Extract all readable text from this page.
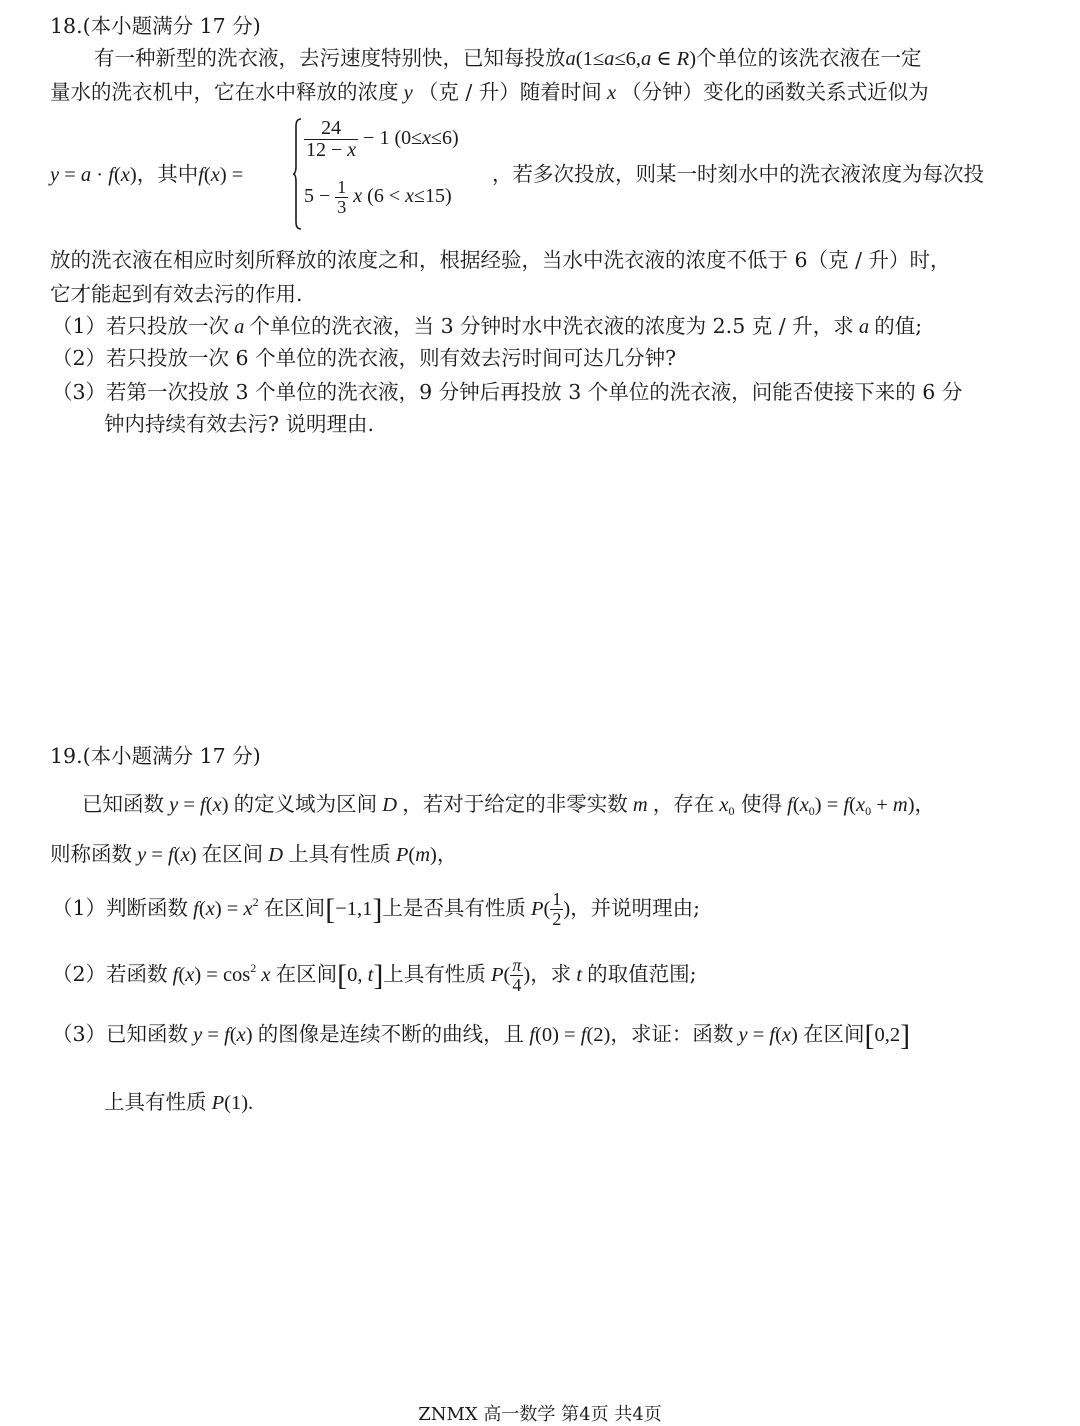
18.(本小题满分 17 分)
有一种新型的洗衣液，去污速度特别快，已知每投放a(1≤a≤6,a ∈ R)个单位的该洗衣液在一定
量水的洗衣机中，它在水中释放的浓度 y （克 / 升）随着时间 x （分钟）变化的函数关系式近似为
y = a · f(x)，其中f(x) =
$\frac{24}{12 - x} - 1$ (0≤x≤6)
$5 - \frac{1}{3}$ x (6 < x≤15)
，若多次投放，则某一时刻水中的洗衣液浓度为每次投
放的洗衣液在相应时刻所释放的浓度之和，根据经验，当水中洗衣液的浓度不低于 6（克 / 升）时，
它才能起到有效去污的作用.
（1）若只投放一次 a 个单位的洗衣液，当 3 分钟时水中洗衣液的浓度为 2.5 克 / 升，求 a 的值;
（2）若只投放一次 6 个单位的洗衣液，则有效去污时间可达几分钟?
（3）若第一次投放 3 个单位的洗衣液，9 分钟后再投放 3 个单位的洗衣液，问能否使接下来的 6 分
钟内持续有效去污? 说明理由.
19.(本小题满分 17 分)
已知函数 y = f(x) 的定义域为区间 D ，若对于给定的非零实数 m ，存在 $x_0$ 使得 $f(x_0) = f(x_0 + m)$，
则称函数 y = f(x) 在区间 D 上具有性质 P(m)，
（1）判断函数 $f(x) = x^2$ 在区间[−1,1]上是否具有性质 $P( \frac{1}{2}$ )，并说明理由;
（2）若函数 $f(x) = \cos^2 x$ 在区间[0, t]上具有性质 $P( \frac{\pi}{4}$ )，求 t 的取值范围;
（3）已知函数 y = f(x) 的图像是连续不断的曲线，且 f(0) = f(2)，求证：函数 y = f(x) 在区间[0,2]
上具有性质 P(1).
ZNMX 高一数学 第4页 共4页
